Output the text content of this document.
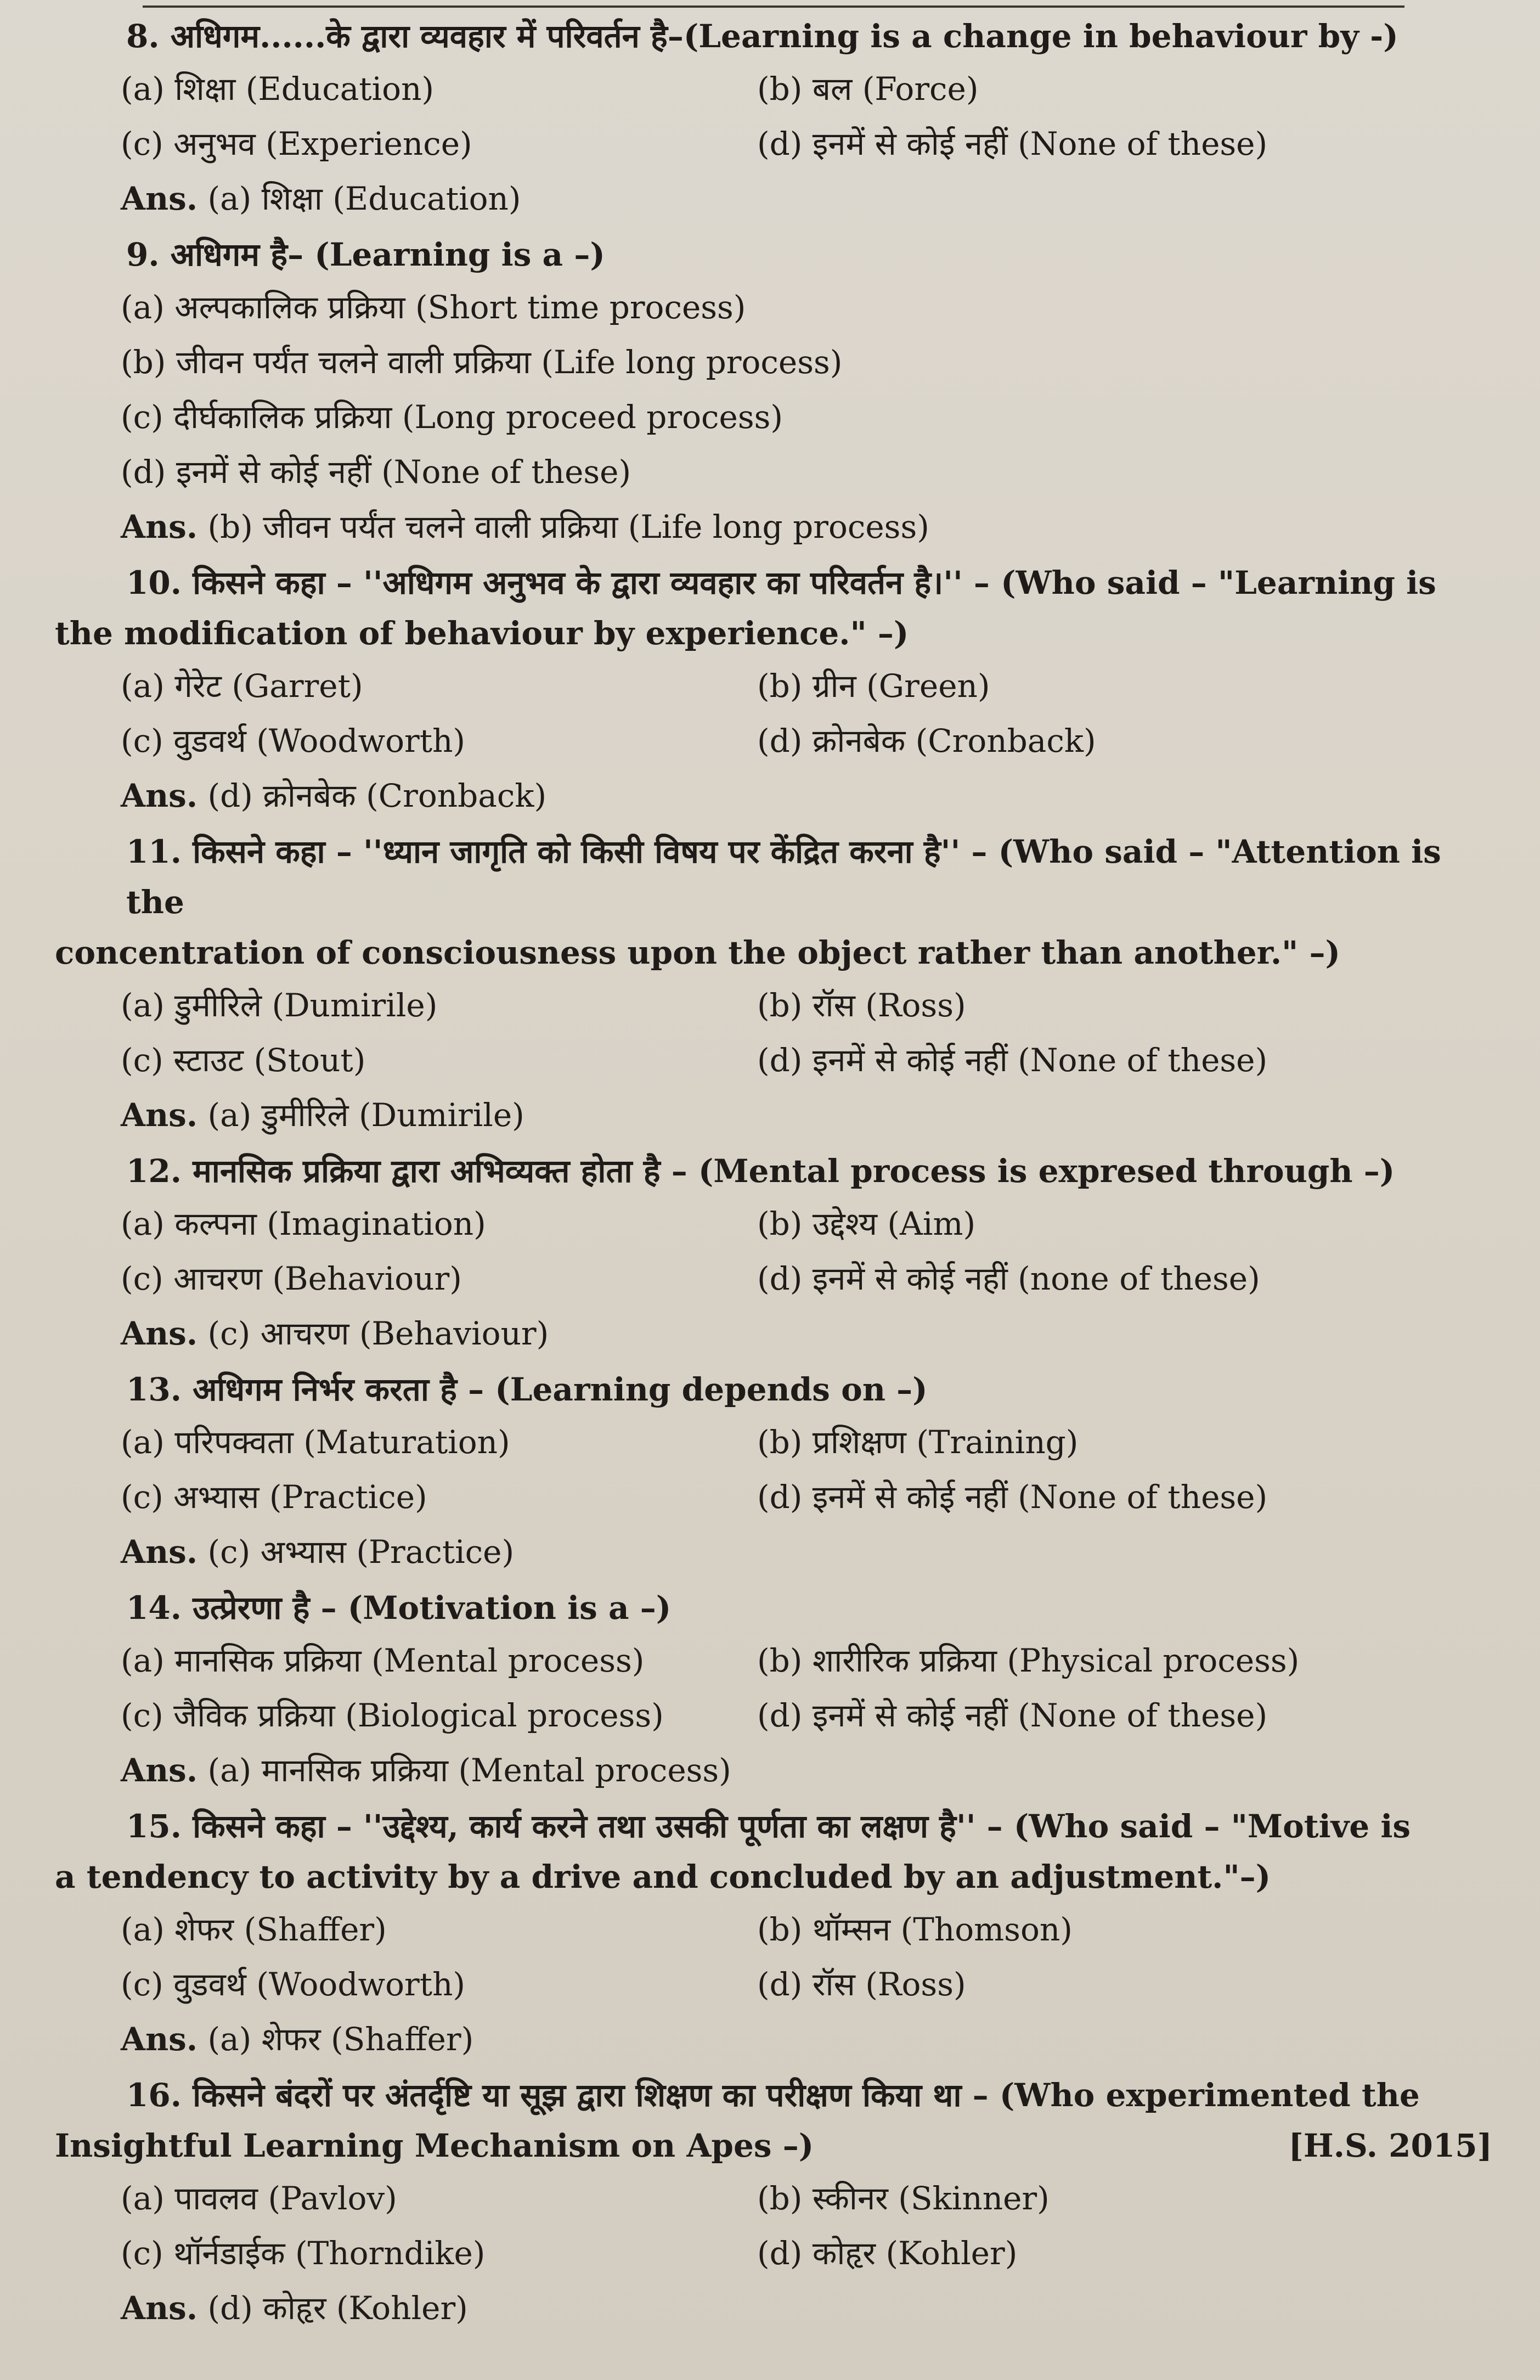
8. अधिगम......के द्वारा व्यवहार में परिवर्तन है–(Learning is a change in behaviour by -)
(a) शिक्षा (Education)	(b) बल (Force)
(c) अनुभव (Experience)	(d) इनमें से कोई नहीं (None of these)
Ans. (a) शिक्षा (Education)
9. अधिगम है– (Learning is a –)
(a) अल्पकालिक प्रक्रिया (Short time process)
(b) जीवन पर्यंत चलने वाली प्रक्रिया (Life long process)
(c) दीर्घकालिक प्रक्रिया (Long proceed process)
(d) इनमें से कोई नहीं (None of these)
Ans. (b) जीवन पर्यंत चलने वाली प्रक्रिया (Life long process)
10. किसने कहा – ''अधिगम अनुभव के द्वारा व्यवहार का परिवर्तन है।'' – (Who said – "Learning is
the modification of behaviour by experience." –)
(a) गेरेट (Garret)	(b) ग्रीन (Green)
(c) वुडवर्थ (Woodworth)	(d) क्रोनबेक (Cronback)
Ans. (d) क्रोनबेक (Cronback)
11. किसने कहा – ''ध्यान जागृति को किसी विषय पर केंद्रित करना है'' – (Who said – "Attention is the
concentration of consciousness upon the object rather than another." –)
(a) डुमीरिले (Dumirile)	(b) रॉस (Ross)
(c) स्टाउट (Stout)	(d) इनमें से कोई नहीं (None of these)
Ans. (a) डुमीरिले (Dumirile)
12. मानसिक प्रक्रिया द्वारा अभिव्यक्त होता है – (Mental process is expresed through –)
(a) कल्पना (Imagination)	(b) उद्देश्य (Aim)
(c) आचरण (Behaviour)	(d) इनमें से कोई नहीं (none of these)
Ans. (c) आचरण (Behaviour)
13. अधिगम निर्भर करता है – (Learning depends on –)
(a) परिपक्वता (Maturation)	(b) प्रशिक्षण (Training)
(c) अभ्यास (Practice)	(d) इनमें से कोई नहीं (None of these)
Ans. (c) अभ्यास (Practice)
14. उत्प्रेरणा है – (Motivation is a –)
(a) मानसिक प्रक्रिया (Mental process)	(b) शारीरिक प्रक्रिया (Physical process)
(c) जैविक प्रक्रिया (Biological process)	(d) इनमें से कोई नहीं (None of these)
Ans. (a) मानसिक प्रक्रिया (Mental process)
15. किसने कहा – ''उद्देश्य, कार्य करने तथा उसकी पूर्णता का लक्षण है'' – (Who said – "Motive is
a tendency to activity by a drive and concluded by an adjustment."–)
(a) शेफर (Shaffer)	(b) थॉम्सन (Thomson)
(c) वुडवर्थ (Woodworth)	(d) रॉस (Ross)
Ans. (a) शेफर (Shaffer)
16. किसने बंदरों पर अंतर्दृष्टि या सूझ द्वारा शिक्षण का परीक्षण किया था – (Who experimented the
[H.S. 2015]
Insightful Learning Mechanism on Apes –)
(a) पावलव (Pavlov)	(b) स्कीनर (Skinner)
(c) थॉर्नडाईक (Thorndike)	(d) कोहृर (Kohler)
Ans. (d) कोहृर (Kohler)
